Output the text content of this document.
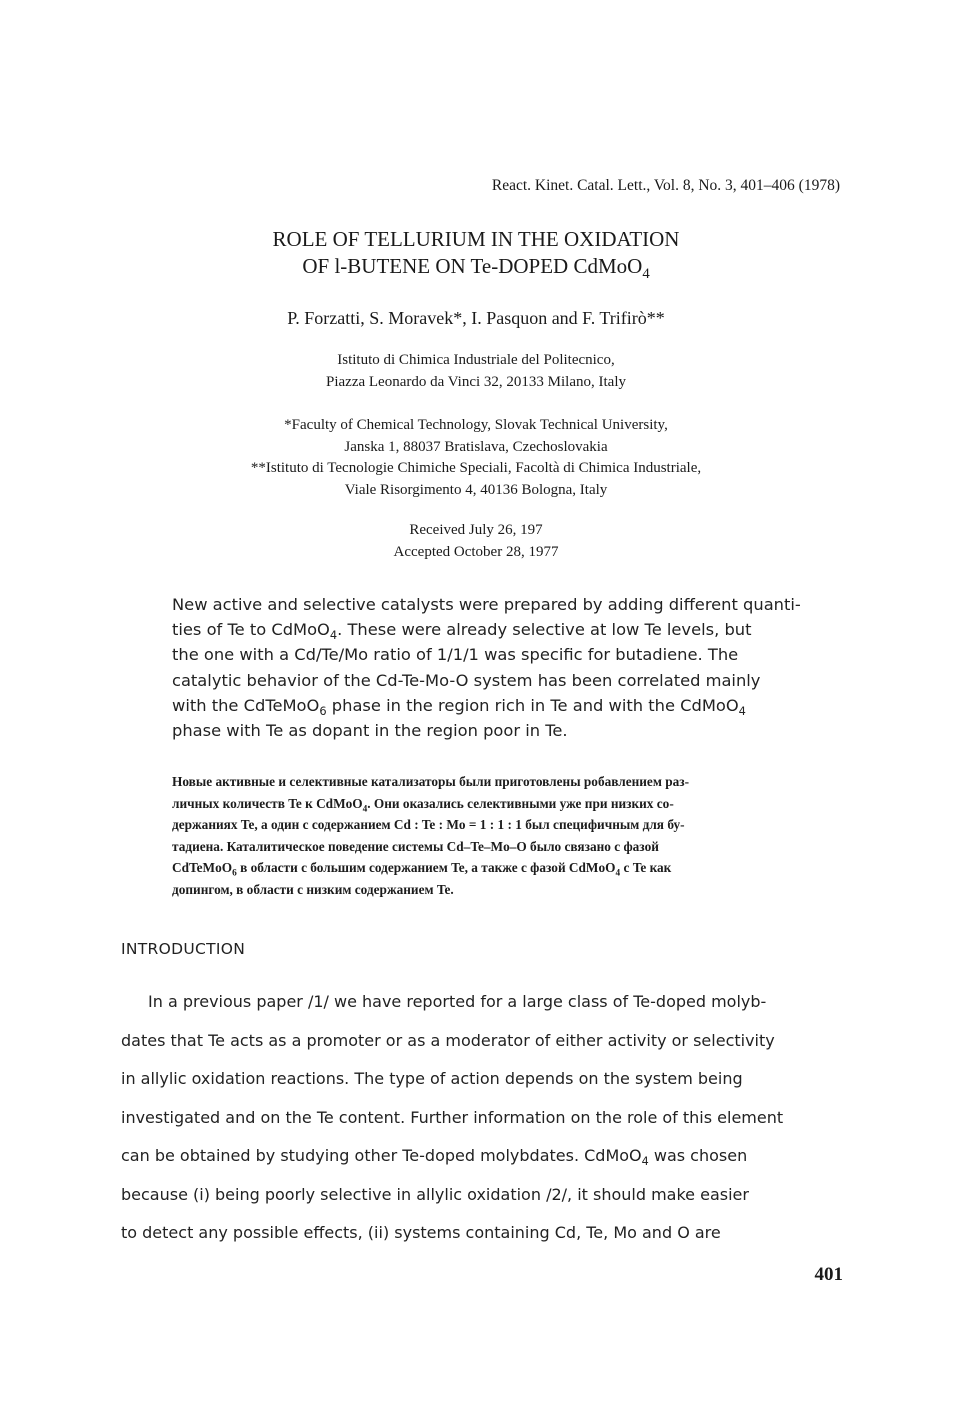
React. Kinet. Catal. Lett., Vol. 8, No. 3, 401–406 (1978)
ROLE OF TELLURIUM IN THE OXIDATION
OF l-BUTENE ON Te-DOPED CdMoO$_4$
P. Forzatti, S. Moravek*, I. Pasquon and F. Trifirò**
Istituto di Chimica Industriale del Politecnico,
Piazza Leonardo da Vinci 32, 20133 Milano, Italy
*Faculty of Chemical Technology, Slovak Technical University,
Janska 1, 88037 Bratislava, Czechoslovakia
**Istituto di Tecnologie Chimiche Speciali, Facoltà di Chimica Industriale,
Viale Risorgimento 4, 40136 Bologna, Italy
Received July 26, 197
Accepted October 28, 1977
New active and selective catalysts were prepared by adding different quanti-
ties of Te to CdMoO$_4$. These were already selective at low Te levels, but
the one with a Cd/Te/Mo ratio of 1/1/1 was specific for butadiene. The
catalytic behavior of the Cd-Te-Mo-O system has been correlated mainly
with the CdTeMoO$_6$ phase in the region rich in Te and with the CdMoO$_4$
phase with Te as dopant in the region poor in Te.
Новые активные и селективные катализаторы были приготовлены робавлением раз-
личных количеств Te к CdMoO$_4$. Они оказались селективными уже при низких со-
держаниях Te, а один с содержанием Cd : Te : Mo = 1 : 1 : 1 был специфичным для бу-
тадиена. Каталитическое поведение системы Cd–Te–Mo–O было связано с фазой
CdTeMoO$_6$ в области с большим содержанием Te, а также с фазой CdMoO$_4$ с Te как
допингом, в области с низким содержанием Te.
INTRODUCTION
In a previous paper /1/ we have reported for a large class of Te-doped molyb-
dates that Te acts as a promoter or as a moderator of either activity or selectivity
in allylic oxidation reactions. The type of action depends on the system being
investigated and on the Te content. Further information on the role of this element
can be obtained by studying other Te-doped molybdates. CdMoO$_4$ was chosen
because (i) being poorly selective in allylic oxidation /2/, it should make easier
to detect any possible effects, (ii) systems containing Cd, Te, Mo and O are
401
